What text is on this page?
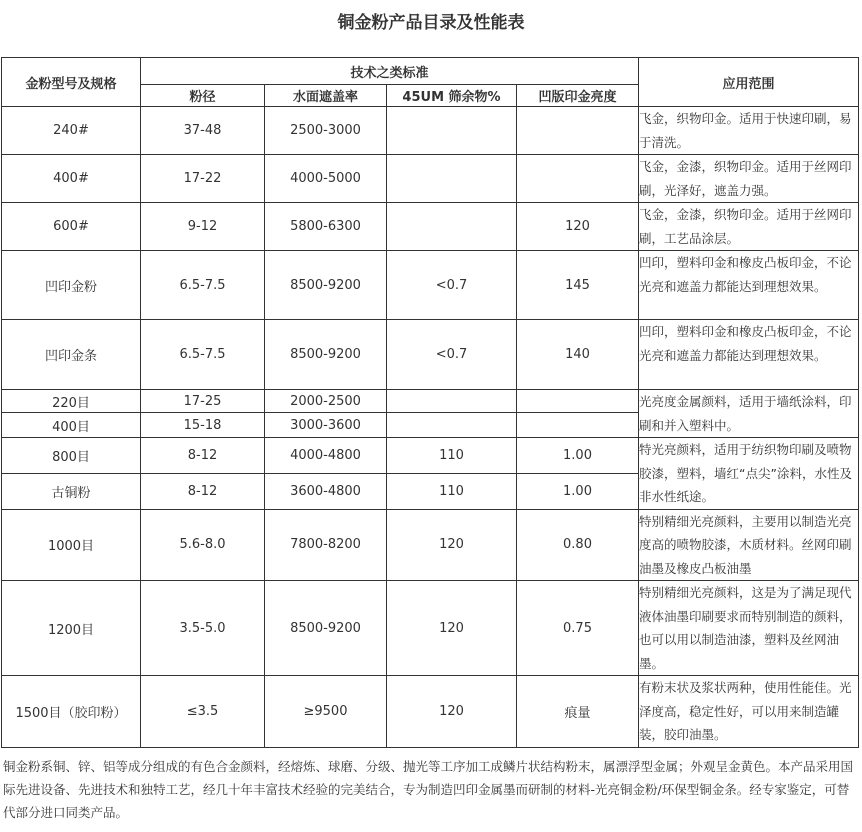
铜金粉产品目录及性能表
金粉型号及规格	技术之类标准				应用范围
	粉径	水面遮盖率	45UM 筛余物%	凹版印金亮度	
240#	37-48	2500-3000			飞金，织物印金。适用于快速印刷，易于清洗。
400#	17-22	4000-5000			飞金，金漆，织物印金。适用于丝网印刷，光泽好，遮盖力强。
600#	9-12	5800-6300		120	飞金，金漆，织物印金。适用于丝网印刷，工艺品涂层。
凹印金粉	6.5-7.5	8500-9200	<0.7	145	凹印，塑料印金和橡皮凸板印金，不论光亮和遮盖力都能达到理想效果。
凹印金条	6.5-7.5	8500-9200	<0.7	140	凹印，塑料印金和橡皮凸板印金，不论光亮和遮盖力都能达到理想效果。
220目	17-25	2000-2500			光亮度金属颜料，适用于墙纸涂料，印刷和并入塑料中。
400目	15-18	3000-3600			
800目	8-12	4000-4800	110	1.00	特光亮颜料，适用于纺织物印刷及喷物胶漆，塑料，墙红“点尖”涂料，水性及非水性纸途。
古铜粉	8-12	3600-4800	110	1.00	
1000目	5.6-8.0	7800-8200	120	0.80	特别精细光亮颜料，主要用以制造光亮度高的喷物胶漆，木质材料。丝网印刷油墨及橡皮凸板油墨
1200目	3.5-5.0	8500-9200	120	0.75	特别精细光亮颜料，这是为了满足现代液体油墨印刷要求而特别制造的颜料，也可以用以制造油漆，塑料及丝网油墨。
1500目（胶印粉）	≤3.5	≥9500	120	痕量	有粉末状及浆状两种，使用性能佳。光泽度高，稳定性好，可以用来制造罐装，胶印油墨。
铜金粉系铜、锌、铝等成分组成的有色合金颜料，经熔炼、球磨、分级、抛光等工序加工成鳞片状结构粉末，属漂浮型金属；外观呈金黄色。本产品采用国际先进设备、先进技术和独特工艺，经几十年丰富技术经验的完美结合，专为制造凹印金属墨而研制的材料-光亮铜金粉/环保型铜金条。经专家鉴定，可替代部分进口同类产品。
